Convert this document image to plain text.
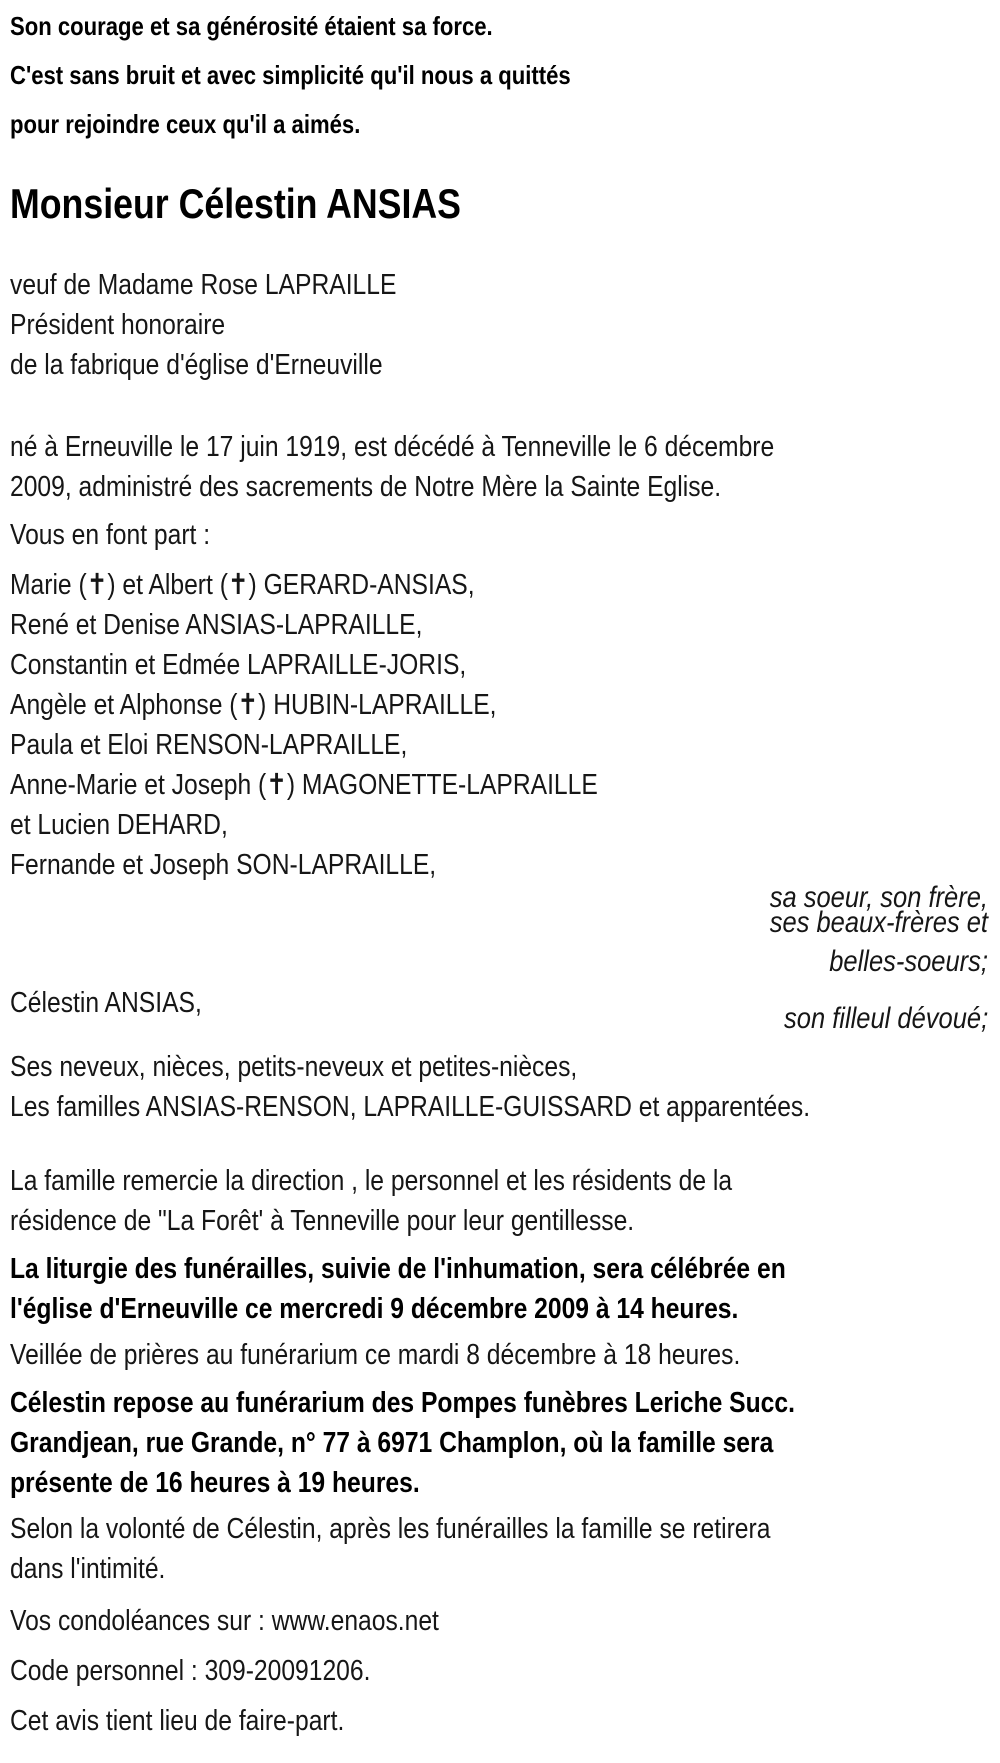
Son courage et sa générosité étaient sa force.
C'est sans bruit et avec simplicité qu'il nous a quittés
pour rejoindre ceux qu'il a aimés.
Monsieur Célestin ANSIAS
veuf de Madame Rose LAPRAILLE
Président honoraire
de la fabrique d'église d'Erneuville
né à Erneuville le 17 juin 1919, est décédé à Tenneville le 6 décembre
2009, administré des sacrements de Notre Mère la Sainte Eglise.
Vous en font part :
Marie (✝) et Albert (✝) GERARD-ANSIAS,
René et Denise ANSIAS-LAPRAILLE,
Constantin et Edmée LAPRAILLE-JORIS,
Angèle et Alphonse (✝) HUBIN-LAPRAILLE,
Paula et Eloi RENSON-LAPRAILLE,
Anne-Marie et Joseph (✝) MAGONETTE-LAPRAILLE
et Lucien DEHARD,
Fernande et Joseph SON-LAPRAILLE,
sa soeur, son frère,
ses beaux-frères et
belles-soeurs;
Célestin ANSIAS,	son filleul dévoué;
Ses neveux, nièces, petits-neveux et petites-nièces,
Les familles ANSIAS-RENSON, LAPRAILLE-GUISSARD et apparentées.
La famille remercie la direction , le personnel et les résidents de la
résidence de "La Forêt' à Tenneville pour leur gentillesse.
La liturgie des funérailles, suivie de l'inhumation, sera célébrée en
l'église d'Erneuville ce mercredi 9 décembre 2009 à 14 heures.
Veillée de prières au funérarium ce mardi 8 décembre à 18 heures.
Célestin repose au funérarium des Pompes funèbres Leriche Succ.
Grandjean, rue Grande, n° 77 à 6971 Champlon, où la famille sera
présente de 16 heures à 19 heures.
Selon la volonté de Célestin, après les funérailles la famille se retirera
dans l'intimité.
Vos condoléances sur : www.enaos.net
Code personnel : 309-20091206.
Cet avis tient lieu de faire-part.
